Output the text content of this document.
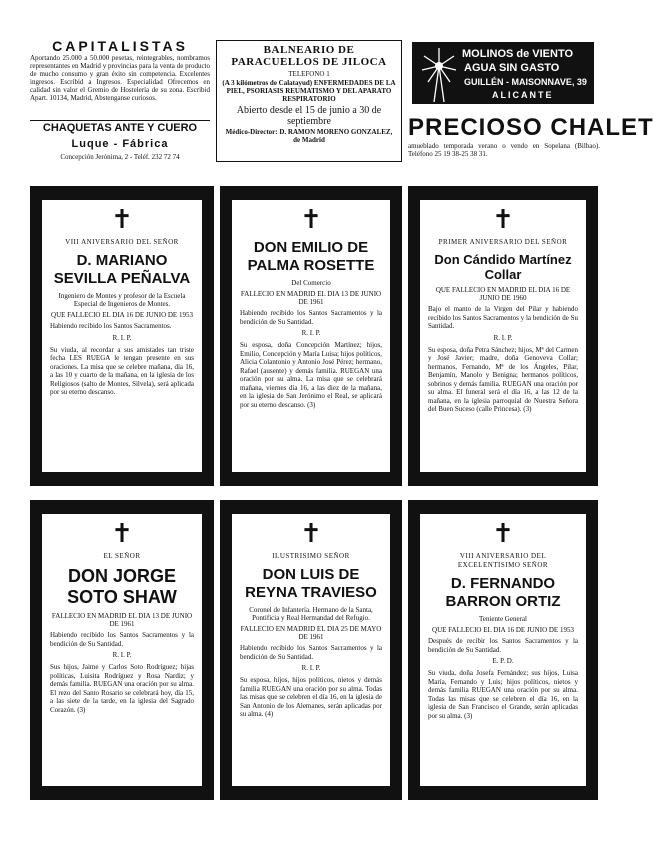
CAPITALISTAS
Aportando 25.000 a 50.000 pesetas, reintegrables, nombramos representantes en Madrid y provincias para la venta de producto de mucho consumo y gran éxito sin competencia. Excelentes ingresos. Escribid a Ingresos. Especialidad Ofrecemos en calidad sin valor el Gremio de Hostelería de su zona. Escribid Apart. 10134, Madrid, Abstenganse curiosos.
CHAQUETAS ANTE Y CUERO
Luque - Fábrica
Concepción Jerónima, 2 - Teléf. 232 72 74
BALNEARIO DE PARACUELLOS DE JILOCA
TELEFONO 1
(A 3 kilómetros de Calatayud) ENFERMEDADES DE LA PIEL, PSORIASIS REUMATISMO Y DEL APARATO RESPIRATORIO
Abierto desde el 15 de junio a 30 de septiembre
Médico-Director: D. RAMON MORENO GONZALEZ, de Madrid
MOLINOS de VIENTO
AGUA SIN GASTO
GUILLÉN - MAISONNAVE, 39
ALICANTE
PRECIOSO CHALET
amueblado temporada verano o vendo en Sopelana (Bilbao). Teléfono 25 19 38-25 38 31.
✝
VIII ANIVERSARIO DEL SEÑOR
D. MARIANO SEVILLA PEÑALVA
Ingeniero de Montes y profesor de la Escuela Especial de Ingenieros de Montes.
QUE FALLECIO EL DIA 16 DE JUNIO DE 1953
Habiendo recibido los Santos Sacramentos.
R. I. P.
Su viuda, al recordar a sus amistades tan triste fecha LES RUEGA le tengan presente en sus oraciones. La misa que se celebre mañana, día 16, a las 10 y cuarto de la mañana, en la iglesia de los Religiosos (salto de Montes, Silvela), será aplicada por su eterno descanso.
✝
DON EMILIO DE PALMA ROSETTE
Del Comercio
FALLECIO EN MADRID EL DIA 13 DE JUNIO DE 1961
Habiendo recibido los Santos Sacramentos y la bendición de Su Santidad.
R. I. P.
Su esposa, doña Concepción Martínez; hijos, Emilio, Concepción y María Luisa; hijos políticos, Alicia Colantonio y Antonio José Pérez; hermano, Rafael (ausente) y demás familia. RUEGAN una oración por su alma. La misa que se celebrará mañana, viernes día 16, a las diez de la mañana, en la iglesia de San Jerónimo el Real, se aplicará por su eterno descanso. (3)
✝
PRIMER ANIVERSARIO DEL SEÑOR
Don Cándido Martínez Collar
QUE FALLECIO EN MADRID EL DIA 16 DE JUNIO DE 1960
Bajo el manto de la Virgen del Pilar y habiendo recibido los Santos Sacramentos y la bendición de Su Santidad.
R. I. P.
Su esposa, doña Petra Sánchez; hijos, Mª del Carmen y José Javier; madre, doña Genoveva Collar; hermanos, Fernando, Mª de los Ángeles, Pilar, Benjamín, Manolo y Benigna; hermanos políticos, sobrinos y demás familia. RUEGAN una oración por su alma. El funeral será el día 16, a las 12 de la mañana, en la iglesia parroquial de Nuestra Señora del Buen Suceso (calle Princesa). (3)
✝
EL SEÑOR
DON JORGE SOTO SHAW
FALLECIO EN MADRID EL DIA 13 DE JUNIO DE 1961
Habiendo recibido los Santos Sacramentos y la bendición de Su Santidad.
R. I. P.
Sus hijos, Jaime y Carlos Soto Rodríguez; hijas políticas, Luisita Rodríguez y Rosa Nardiz; y demás familia. RUEGAN una oración por su alma. El rezo del Santo Rosario se celebrará hoy, día 15, a las siete de la tarde, en la iglesia del Sagrado Corazón. (3)
✝
ILUSTRISIMO SEÑOR
DON LUIS DE REYNA TRAVIESO
Coronel de Infantería. Hermano de la Santa, Pontificia y Real Hermandad del Refugio.
FALLECIO EN MADRID EL DIA 25 DE MAYO DE 1961
Habiendo recibido los Santos Sacramentos y la bendición de Su Santidad.
R. I. P.
Su esposa, hijos, hijos políticos, nietos y demás familia RUEGAN una oración por su alma. Todas las misas que se celebren el día 16, en la iglesia de San Antonio de los Alemanes, serán aplicadas por su alma. (4)
✝
VIII ANIVERSARIO DEL EXCELENTISIMO SEÑOR
D. FERNANDO BARRON ORTIZ
Teniente General
QUE FALLECIO EL DIA 16 DE JUNIO DE 1953
Después de recibir los Santos Sacramentos y la bendición de Su Santidad.
E. P. D.
Su viuda, doña Josefa Fernández; sus hijos, Luisa María, Fernando y Luis; hijos políticos, nietos y demás familia RUEGAN una oración por su alma. Todas las misas que se celebren el día 16, en la iglesia de San Francisco el Grande, serán aplicadas por su alma. (3)
